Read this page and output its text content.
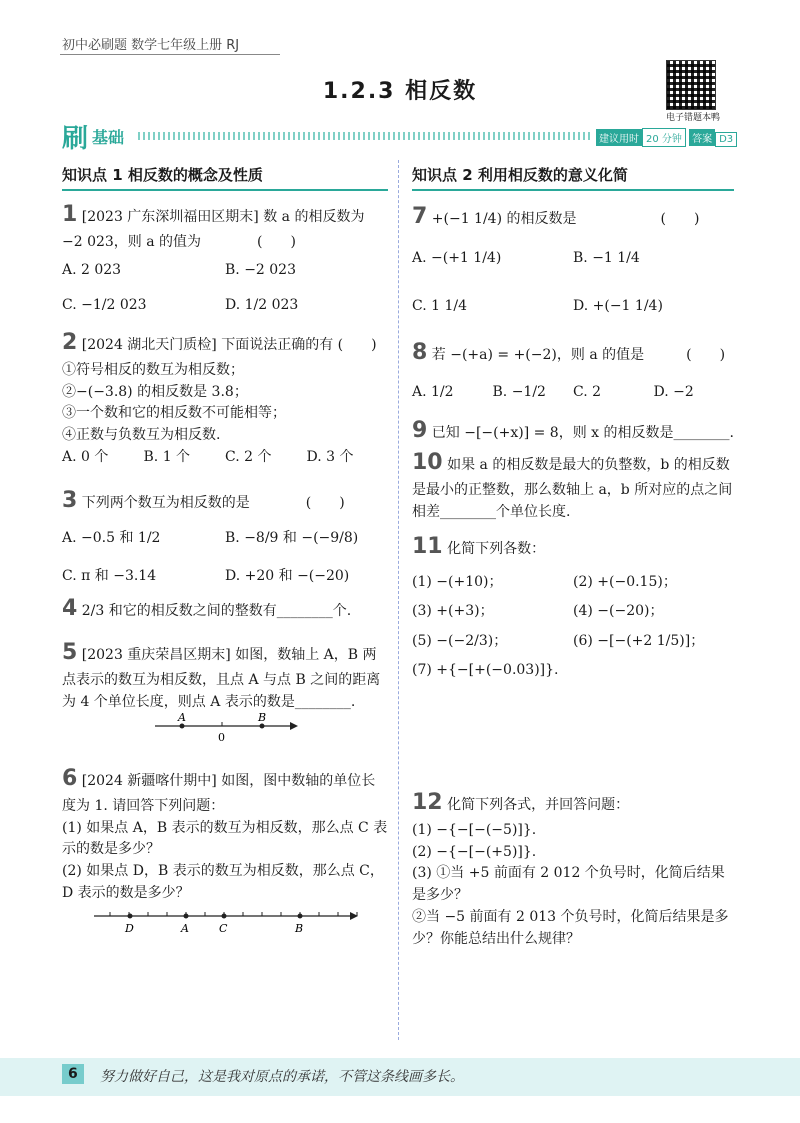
初中必刷题 数学七年级上册 RJ
1.2.3 相反数
电子错题本鸭
刷 基础	建议用时 20 分钟 答案 D3
知识点 1 相反数的概念及性质
1 [2023 广东深圳福田区期末] 数 a 的相反数为 −2 023，则 a 的值为　　　　(　　)
A. 2 023	B. −2 023
C. −1/2 023	D. 1/2 023
2 [2024 湖北天门质检] 下面说法正确的有 (　　)
①符号相反的数互为相反数；
②−(−3.8) 的相反数是 3.8；
③一个数和它的相反数不可能相等；
④正数与负数互为相反数.
A. 0 个	B. 1 个	C. 2 个	D. 3 个
3 下列两个数互为相反数的是　　　　(　　)
A. −0.5 和 1/2	B. −8/9 和 −(−9/8)
C. π 和 −3.14	D. +20 和 −(−20)
4 2/3 和它的相反数之间的整数有________个.
5 [2023 重庆荣昌区期末] 如图，数轴上 A，B 两点表示的数互为相反数，且点 A 与点 B 之间的距离为 4 个单位长度，则点 A 表示的数是________.
A	B
0
6 [2024 新疆喀什期中] 如图，图中数轴的单位长度为 1. 请回答下列问题：
(1) 如果点 A，B 表示的数互为相反数，那么点 C 表示的数是多少？
(2) 如果点 D，B 表示的数互为相反数，那么点 C，D 表示的数是多少？
D	A	C	B
知识点 2 利用相反数的意义化简
7 +(−1 1/4) 的相反数是　　　　　　(　　)
A. −(+1 1/4)	B. −1 1/4
C. 1 1/4	D. +(−1 1/4)
8 若 −(+a) = +(−2)，则 a 的值是　　　(　　)
A. 1/2	B. −1/2	C. 2	D. −2
9 已知 −[−(+x)] = 8，则 x 的相反数是________.
10 如果 a 的相反数是最大的负整数，b 的相反数是最小的正整数，那么数轴上 a，b 所对应的点之间相差________个单位长度.
11 化简下列各数：
(1) −(+10)；	(2) +(−0.15)；
(3) +(+3)；	(4) −(−20)；
(5) −(−2/3)；	(6) −[−(+2 1/5)]；
(7) +{−[+(−0.03)]}.
12 化简下列各式，并回答问题：
(1) −{−[−(−5)]}.
(2) −{−[−(+5)]}.
(3) ①当 +5 前面有 2 012 个负号时，化简后结果是多少？
②当 −5 前面有 2 013 个负号时，化简后结果是多少？你能总结出什么规律？
6	努力做好自己，这是我对原点的承诺，不管这条线画多长。
